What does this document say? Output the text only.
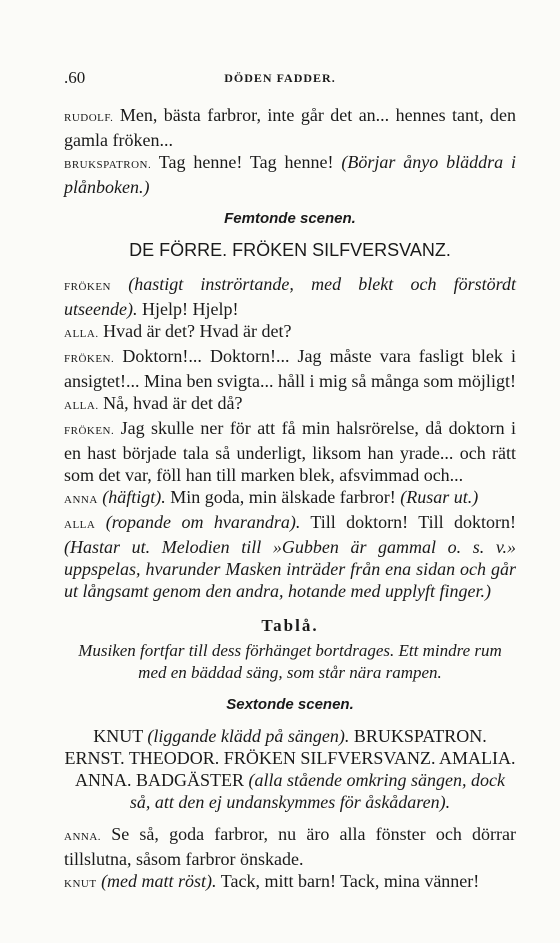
.60	DÖDEN FADDER.

RUDOLF. Men, bästa farbror, inte går det an... hennes tant, den gamla fröken...

BRUKSPATRON. Tag henne! Tag henne! (Börjar ånyo bläddra i plånboken.)

Femtonde scenen.
DE FÖRRE. FRÖKEN SILFVERSVANZ.

FRÖKEN (hastigt inströrtande, med blekt och förstördt utseende). Hjelp! Hjelp!

ALLA. Hvad är det? Hvad är det?

FRÖKEN. Doktorn!... Doktorn!... Jag måste vara fasligt blek i ansigtet!... Mina ben svigta... håll i mig så många som möjligt!

ALLA. Nå, hvad är det då?

FRÖKEN. Jag skulle ner för att få min halsrörelse, då doktorn i en hast började tala så underligt, liksom han yrade... och rätt som det var, föll han till marken blek, afsvimmad och...

ANNA (häftigt). Min goda, min älskade farbror! (Rusar ut.)

ALLA (ropande om hvarandra). Till doktorn! Till doktorn! (Hastar ut. Melodien till »Gubben är gammal o. s. v.» uppspelas, hvarunder Masken inträder från ena sidan och går ut långsamt genom den andra, hotande med upplyft finger.)

Tablå.
Musiken fortfar till dess förhänget bortdrages. Ett mindre rum med en bäddad säng, som står nära rampen.
Sextonde scenen.
KNUT (liggande klädd på sängen). BRUKSPATRON. ERNST. THEODOR. FRÖKEN SILFVERSVANZ. AMALIA. ANNA. BADGÄSTER (alla stående omkring sängen, dock så, att den ej undanskymmes för åskådaren).

ANNA. Se så, goda farbror, nu äro alla fönster och dörrar tillslutna, såsom farbror önskade.

KNUT (med matt röst). Tack, mitt barn! Tack, mina vänner!
